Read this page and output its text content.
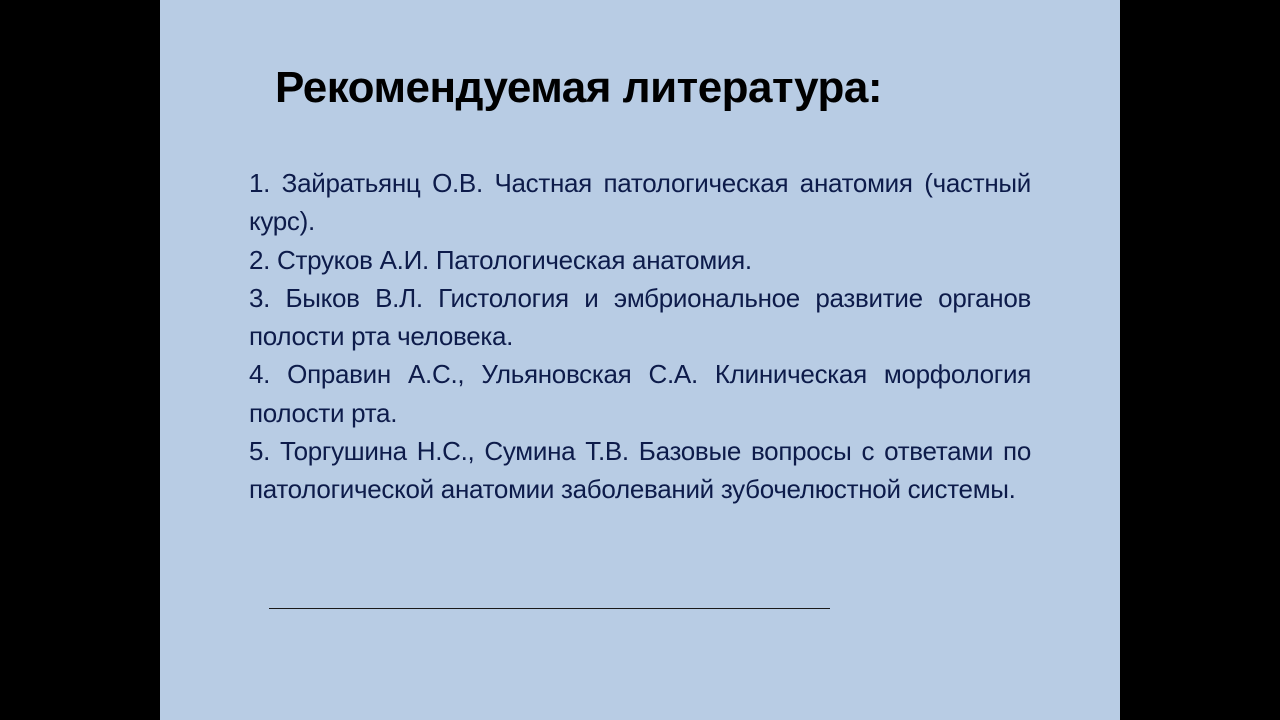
Рекомендуемая литература:
1. Зайратьянц О.В. Частная патологическая анатомия (частный курс).
2. Струков А.И. Патологическая анатомия.
3. Быков В.Л. Гистология и эмбриональное развитие органов полости рта человека.
4. Оправин А.С., Ульяновская С.А. Клиническая морфология полости рта.
5. Торгушина Н.С., Сумина Т.В. Базовые вопросы с ответами по патологической анатомии заболеваний зубочелюстной системы.
